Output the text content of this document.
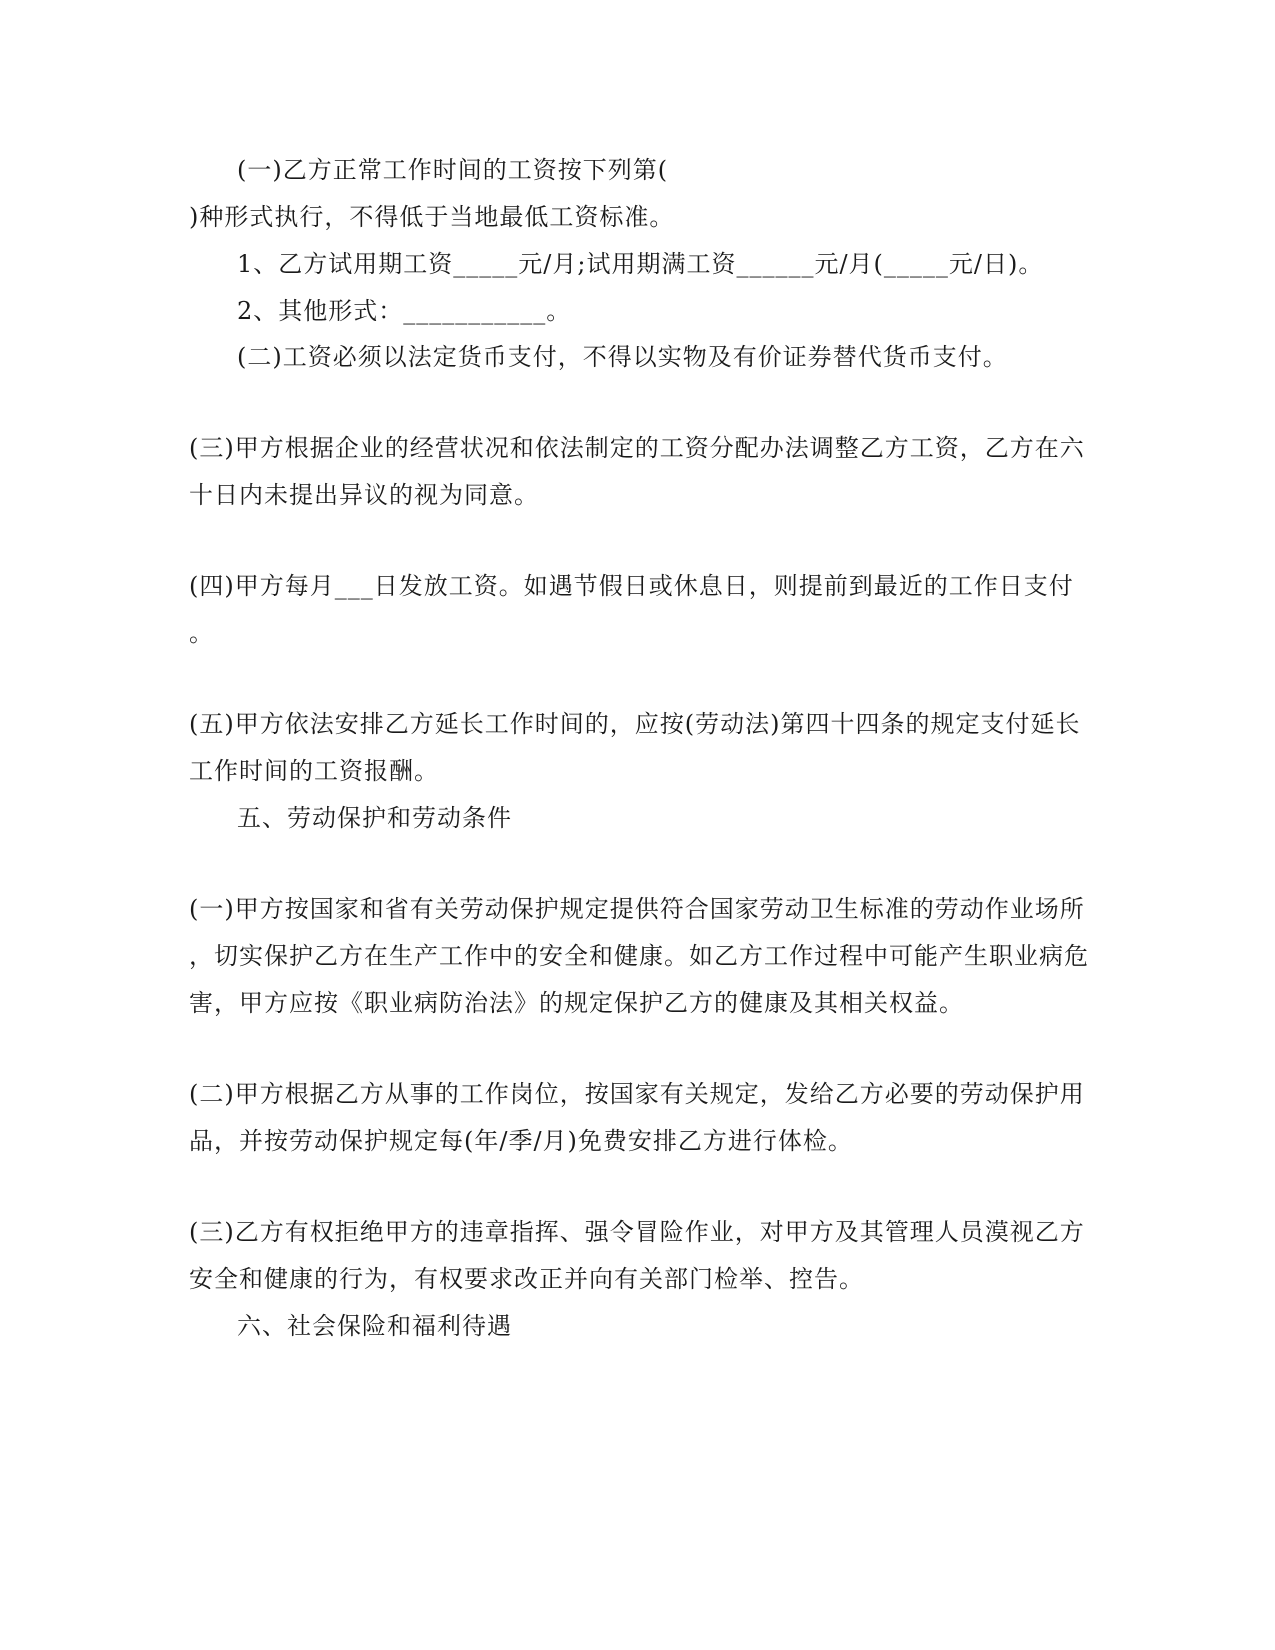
(一)乙方正常工作时间的工资按下列第(
)种形式执行，不得低于当地最低工资标准。
1、乙方试用期工资_____元/月;试用期满工资______元/月(_____元/日)。
2、其他形式：___________。
(二)工资必须以法定货币支付，不得以实物及有价证券替代货币支付。
(三)甲方根据企业的经营状况和依法制定的工资分配办法调整乙方工资，乙方在六
十日内未提出异议的视为同意。
(四)甲方每月___日发放工资。如遇节假日或休息日，则提前到最近的工作日支付
。
(五)甲方依法安排乙方延长工作时间的，应按(劳动法)第四十四条的规定支付延长
工作时间的工资报酬。
五、劳动保护和劳动条件
(一)甲方按国家和省有关劳动保护规定提供符合国家劳动卫生标准的劳动作业场所
，切实保护乙方在生产工作中的安全和健康。如乙方工作过程中可能产生职业病危
害，甲方应按《职业病防治法》的规定保护乙方的健康及其相关权益。
(二)甲方根据乙方从事的工作岗位，按国家有关规定，发给乙方必要的劳动保护用
品，并按劳动保护规定每(年/季/月)免费安排乙方进行体检。
(三)乙方有权拒绝甲方的违章指挥、强令冒险作业，对甲方及其管理人员漠视乙方
安全和健康的行为，有权要求改正并向有关部门检举、控告。
六、社会保险和福利待遇
